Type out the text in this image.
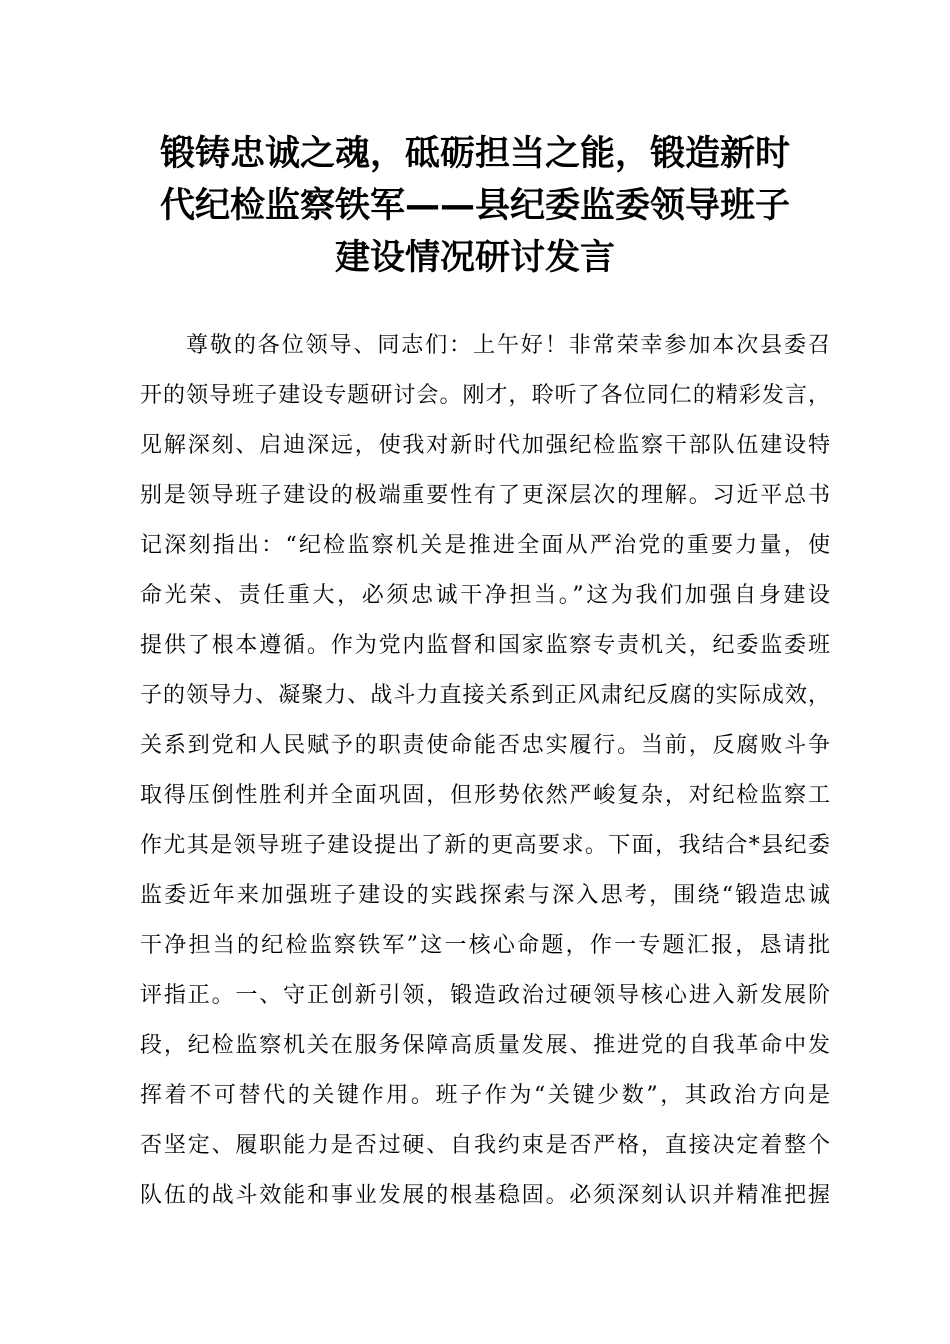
锻铸忠诚之魂，砥砺担当之能，锻造新时
代纪检监察铁军——县纪委监委领导班子
建设情况研讨发言
尊敬的各位领导、同志们：上午好！非常荣幸参加本次县委召
开的领导班子建设专题研讨会。刚才，聆听了各位同仁的精彩发言，
见解深刻、启迪深远，使我对新时代加强纪检监察干部队伍建设特
别是领导班子建设的极端重要性有了更深层次的理解。习近平总书
记深刻指出：“纪检监察机关是推进全面从严治党的重要力量，使
命光荣、责任重大，必须忠诚干净担当。”这为我们加强自身建设
提供了根本遵循。作为党内监督和国家监察专责机关，纪委监委班
子的领导力、凝聚力、战斗力直接关系到正风肃纪反腐的实际成效，
关系到党和人民赋予的职责使命能否忠实履行。当前，反腐败斗争
取得压倒性胜利并全面巩固，但形势依然严峻复杂，对纪检监察工
作尤其是领导班子建设提出了新的更高要求。下面，我结合*县纪委
监委近年来加强班子建设的实践探索与深入思考，围绕“锻造忠诚
干净担当的纪检监察铁军”这一核心命题，作一专题汇报，恳请批
评指正。一、守正创新引领，锻造政治过硬领导核心进入新发展阶
段，纪检监察机关在服务保障高质量发展、推进党的自我革命中发
挥着不可替代的关键作用。班子作为“关键少数”，其政治方向是
否坚定、履职能力是否过硬、自我约束是否严格，直接决定着整个
队伍的战斗效能和事业发展的根基稳固。必须深刻认识并精准把握
